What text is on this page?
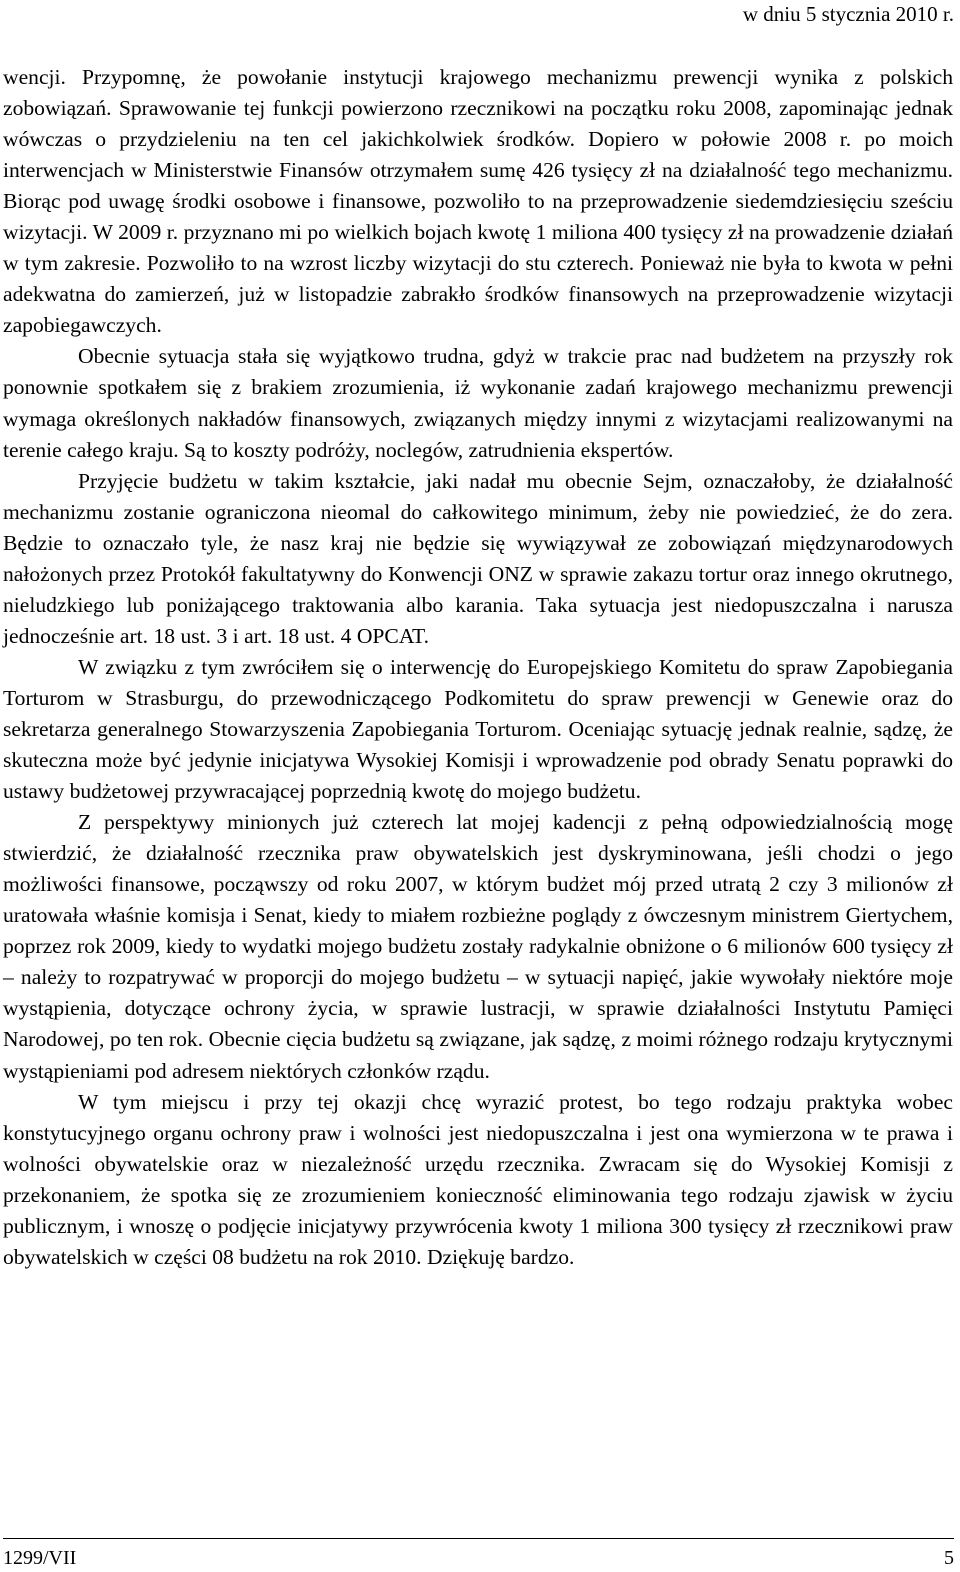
w dniu 5 stycznia 2010 r.

wencji. Przypomnę, że powołanie instytucji krajowego mechanizmu prewencji wynika z polskich zobowiązań. Sprawowanie tej funkcji powierzono rzecznikowi na początku roku 2008, zapominając jednak wówczas o przydzieleniu na ten cel jakichkolwiek środków. Dopiero w połowie 2008 r. po moich interwencjach w Ministerstwie Finansów otrzymałem sumę 426 tysięcy zł na działalność tego mechanizmu. Biorąc pod uwagę środki osobowe i finansowe, pozwoliło to na przeprowadzenie siedemdziesięciu sześciu wizytacji. W 2009 r. przyznano mi po wielkich bojach kwotę 1 miliona 400 tysięcy zł na prowadzenie działań w tym zakresie. Pozwoliło to na wzrost liczby wizytacji do stu czterech. Ponieważ nie była to kwota w pełni adekwatna do zamierzeń, już w listopadzie zabrakło środków finansowych na przeprowadzenie wizytacji zapobiegawczych.

Obecnie sytuacja stała się wyjątkowo trudna, gdyż w trakcie prac nad budżetem na przyszły rok ponownie spotkałem się z brakiem zrozumienia, iż wykonanie zadań krajowego mechanizmu prewencji wymaga określonych nakładów finansowych, związanych między innymi z wizytacjami realizowanymi na terenie całego kraju. Są to koszty podróży, noclegów, zatrudnienia ekspertów.

Przyjęcie budżetu w takim kształcie, jaki nadał mu obecnie Sejm, oznaczałoby, że działalność mechanizmu zostanie ograniczona nieomal do całkowitego minimum, żeby nie powiedzieć, że do zera. Będzie to oznaczało tyle, że nasz kraj nie będzie się wywiązywał ze zobowiązań międzynarodowych nałożonych przez Protokół fakultatywny do Konwencji ONZ w sprawie zakazu tortur oraz innego okrutnego, nieludzkiego lub poniżającego traktowania albo karania. Taka sytuacja jest niedopuszczalna i narusza jednocześnie art. 18 ust. 3 i art. 18 ust. 4 OPCAT.

W związku z tym zwróciłem się o interwencję do Europejskiego Komitetu do spraw Zapobiegania Torturom w Strasburgu, do przewodniczącego Podkomitetu do spraw prewencji w Genewie oraz do sekretarza generalnego Stowarzyszenia Zapobiegania Torturom. Oceniając sytuację jednak realnie, sądzę, że skuteczna może być jedynie inicjatywa Wysokiej Komisji i wprowadzenie pod obrady Senatu poprawki do ustawy budżetowej przywracającej poprzednią kwotę do mojego budżetu.

Z perspektywy minionych już czterech lat mojej kadencji z pełną odpowiedzialnością mogę stwierdzić, że działalność rzecznika praw obywatelskich jest dyskryminowana, jeśli chodzi o jego możliwości finansowe, począwszy od roku 2007, w którym budżet mój przed utratą 2 czy 3 milionów zł uratowała właśnie komisja i Senat, kiedy to miałem rozbieżne poglądy z ówczesnym ministrem Giertychem, poprzez rok 2009, kiedy to wydatki mojego budżetu zostały radykalnie obniżone o 6 milionów 600 tysięcy zł – należy to rozpatrywać w proporcji do mojego budżetu – w sytuacji napięć, jakie wywołały niektóre moje wystąpienia, dotyczące ochrony życia, w sprawie lustracji, w sprawie działalności Instytutu Pamięci Narodowej, po ten rok. Obecnie cięcia budżetu są związane, jak sądzę, z moimi różnego rodzaju krytycznymi wystąpieniami pod adresem niektórych członków rządu.

W tym miejscu i przy tej okazji chcę wyrazić protest, bo tego rodzaju praktyka wobec konstytucyjnego organu ochrony praw i wolności jest niedopuszczalna i jest ona wymierzona w te prawa i wolności obywatelskie oraz w niezależność urzędu rzecznika. Zwracam się do Wysokiej Komisji z przekonaniem, że spotka się ze zrozumieniem konieczność eliminowania tego rodzaju zjawisk w życiu publicznym, i wnoszę o podjęcie inicjatywy przywrócenia kwoty 1 miliona 300 tysięcy zł rzecznikowi praw obywatelskich w części 08 budżetu na rok 2010. Dziękuję bardzo.

1299/VII	5
